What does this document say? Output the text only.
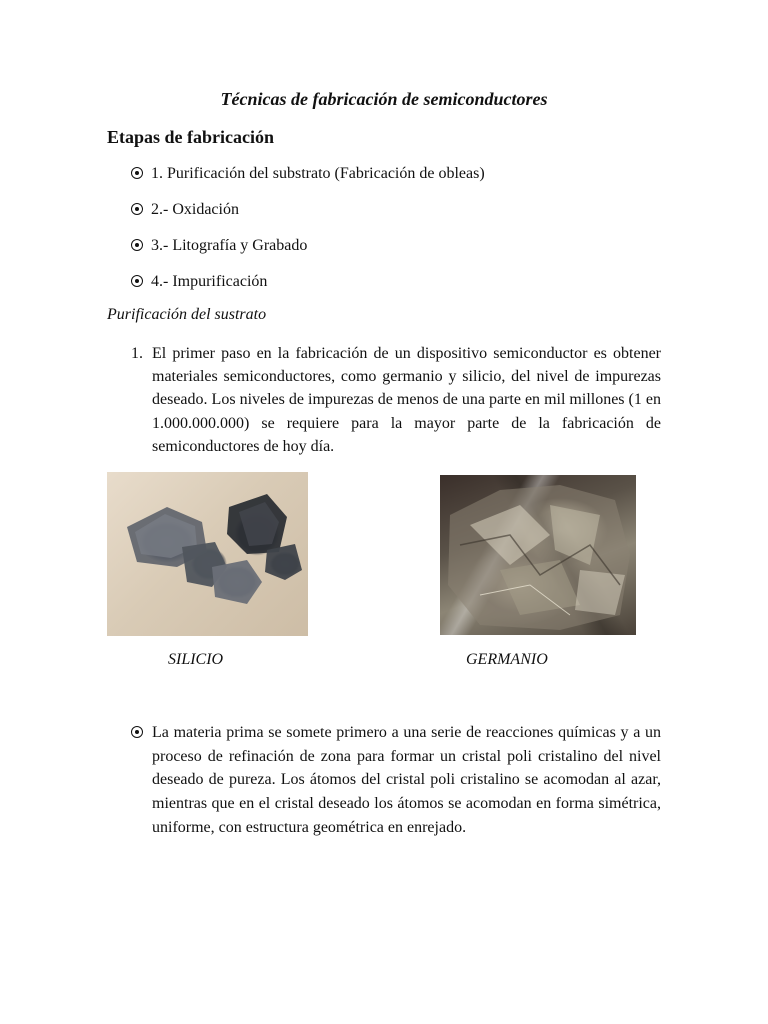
Técnicas de fabricación de semiconductores
Etapas de fabricación
1. Purificación del substrato (Fabricación de obleas)
2.- Oxidación
3.- Litografía y Grabado
4.- Impurificación
Purificación del sustrato
1. El primer paso en la fabricación de un dispositivo semiconductor es obtener materiales semiconductores, como germanio y silicio, del nivel de impurezas deseado. Los niveles de impurezas de menos de una parte en mil millones (1 en 1.000.000.000) se requiere para la mayor parte de la fabricación de semiconductores de hoy día.
SILICIO	GERMANIO
La materia prima se somete primero a una serie de reacciones químicas y a un proceso de refinación de zona para formar un cristal poli cristalino del nivel deseado de pureza. Los átomos del cristal poli cristalino se acomodan al azar, mientras que en el cristal deseado los átomos se acomodan en forma simétrica, uniforme, con estructura geométrica en enrejado.
